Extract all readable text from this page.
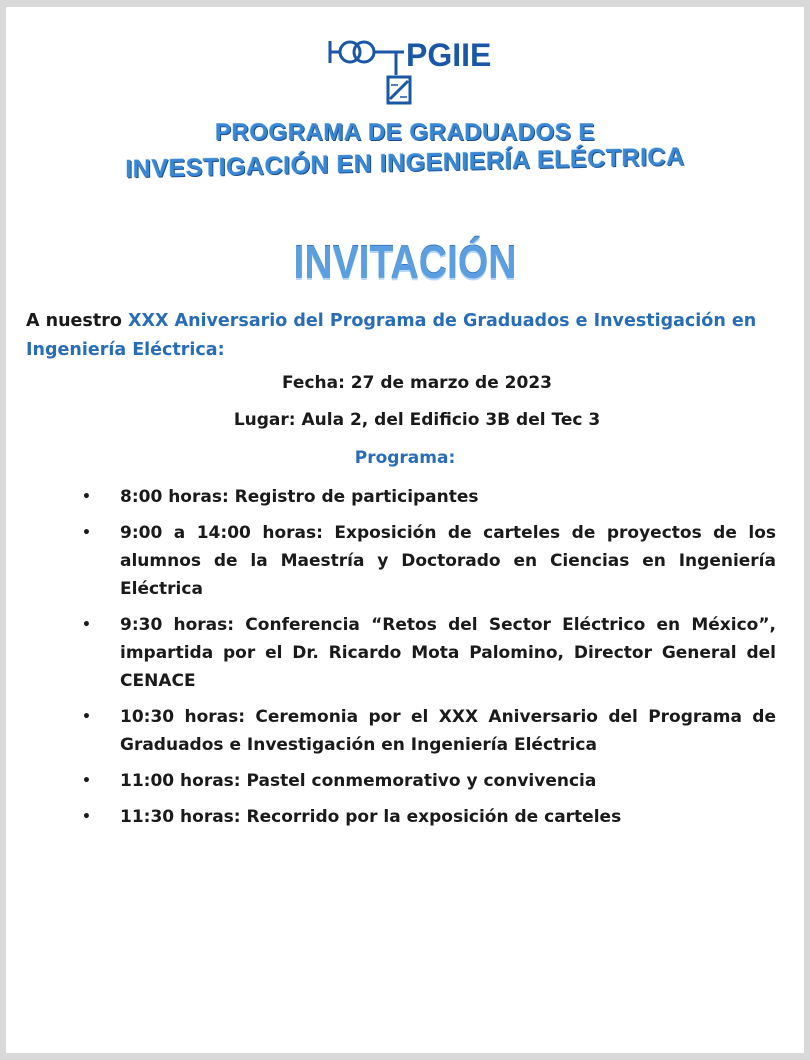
PGIIE
PROGRAMA DE GRADUADOS E
INVESTIGACIÓN EN INGENIERÍA ELÉCTRICA
INVITACIÓN
A nuestro XXX Aniversario del Programa de Graduados e Investigación en Ingeniería Eléctrica:
Fecha: 27 de marzo de 2023
Lugar: Aula 2, del Edificio 3B del Tec 3
Programa:
• 8:00 horas: Registro de participantes
• 9:00 a 14:00 horas: Exposición de carteles de proyectos de los alumnos de la Maestría y Doctorado en Ciencias en Ingeniería Eléctrica
• 9:30 horas: Conferencia “Retos del Sector Eléctrico en México”, impartida por el Dr. Ricardo Mota Palomino, Director General del CENACE
• 10:30 horas: Ceremonia por el XXX Aniversario del Programa de Graduados e Investigación en Ingeniería Eléctrica
• 11:00 horas: Pastel conmemorativo y convivencia
• 11:30 horas: Recorrido por la exposición de carteles
